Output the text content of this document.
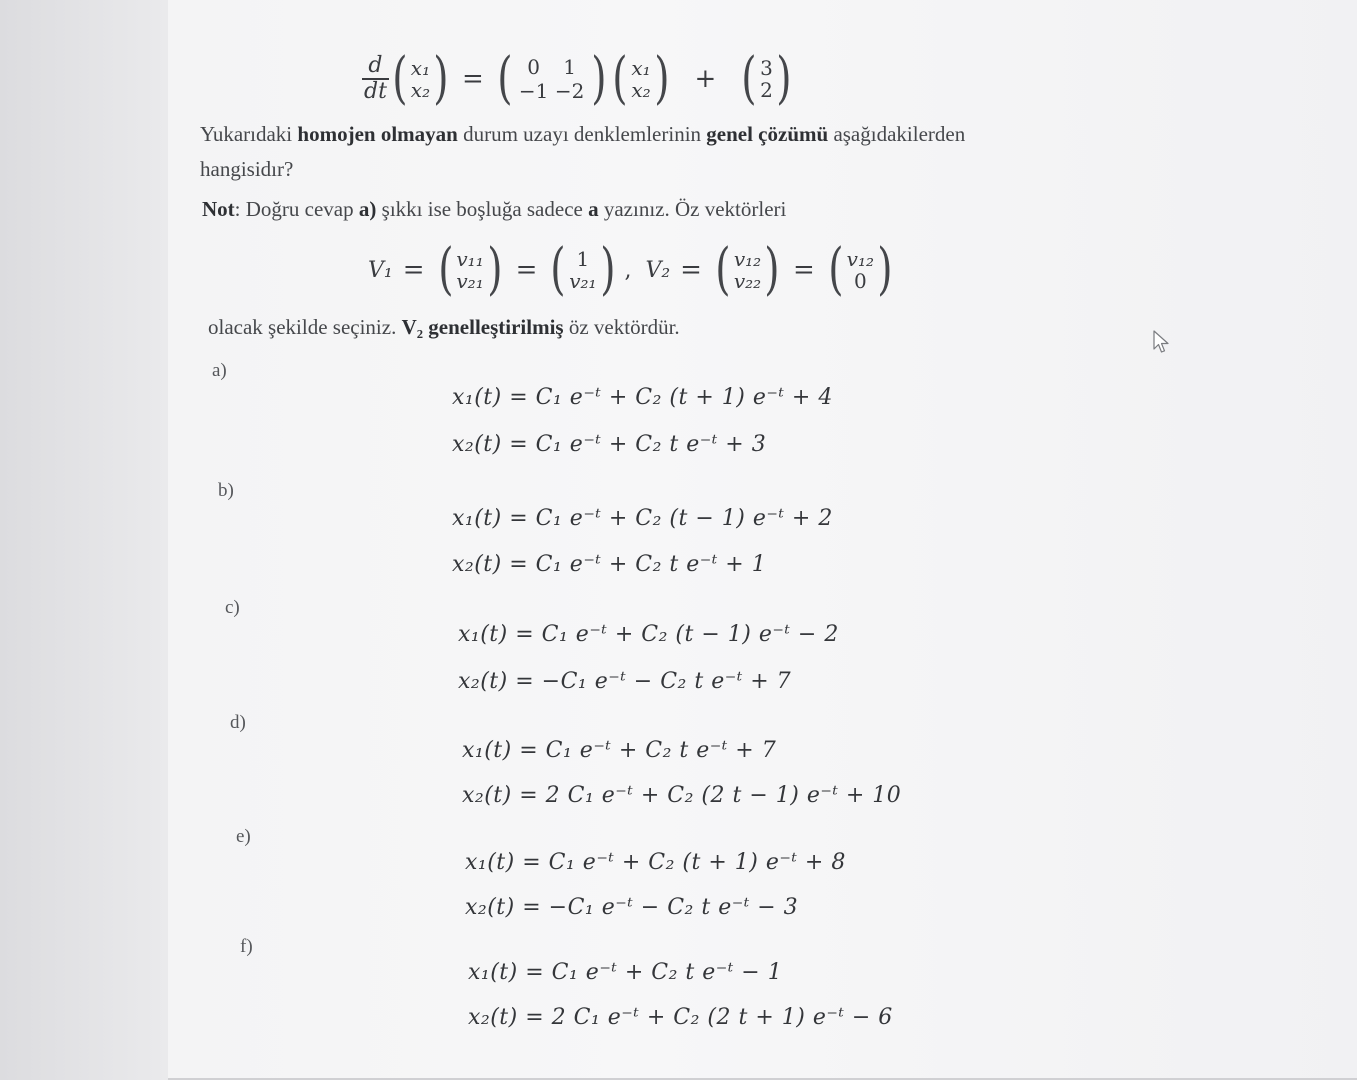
$\frac{d}{dt}$ ( x₁
x₂ ) = ( 0	1
−1 −2 ) ( x₁
x₂ ) + ( 3
2 )
Yukarıdaki homojen olmayan durum uzayı denklemlerinin genel çözümü aşağıdakilerden
hangisidır?
Not: Doğru cevap a) şıkkı ise boşluğa sadece a yazınız. Öz vektörleri
V₁ = ( v₁₁
v₂₁ ) = ( 1
v₂₁ ) , V₂ = ( v₁₂
v₂₂ ) = ( v₁₂
0 )
olacak şekilde seçiniz. V₂ genelleştirilmiş öz vektördür.
a)
x₁(t) = C₁ e⁻ᵗ + C₂ (t + 1) e⁻ᵗ + 4
x₂(t) = C₁ e⁻ᵗ + C₂ t e⁻ᵗ + 3
b)
x₁(t) = C₁ e⁻ᵗ + C₂ (t − 1) e⁻ᵗ + 2
x₂(t) = C₁ e⁻ᵗ + C₂ t e⁻ᵗ + 1
c)
x₁(t) = C₁ e⁻ᵗ + C₂ (t − 1) e⁻ᵗ − 2
x₂(t) = −C₁ e⁻ᵗ − C₂ t e⁻ᵗ + 7
d)
x₁(t) = C₁ e⁻ᵗ + C₂ t e⁻ᵗ + 7
x₂(t) = 2 C₁ e⁻ᵗ + C₂ (2 t − 1) e⁻ᵗ + 10
e)
x₁(t) = C₁ e⁻ᵗ + C₂ (t + 1) e⁻ᵗ + 8
x₂(t) = −C₁ e⁻ᵗ − C₂ t e⁻ᵗ − 3
f)
x₁(t) = C₁ e⁻ᵗ + C₂ t e⁻ᵗ − 1
x₂(t) = 2 C₁ e⁻ᵗ + C₂ (2 t + 1) e⁻ᵗ − 6
